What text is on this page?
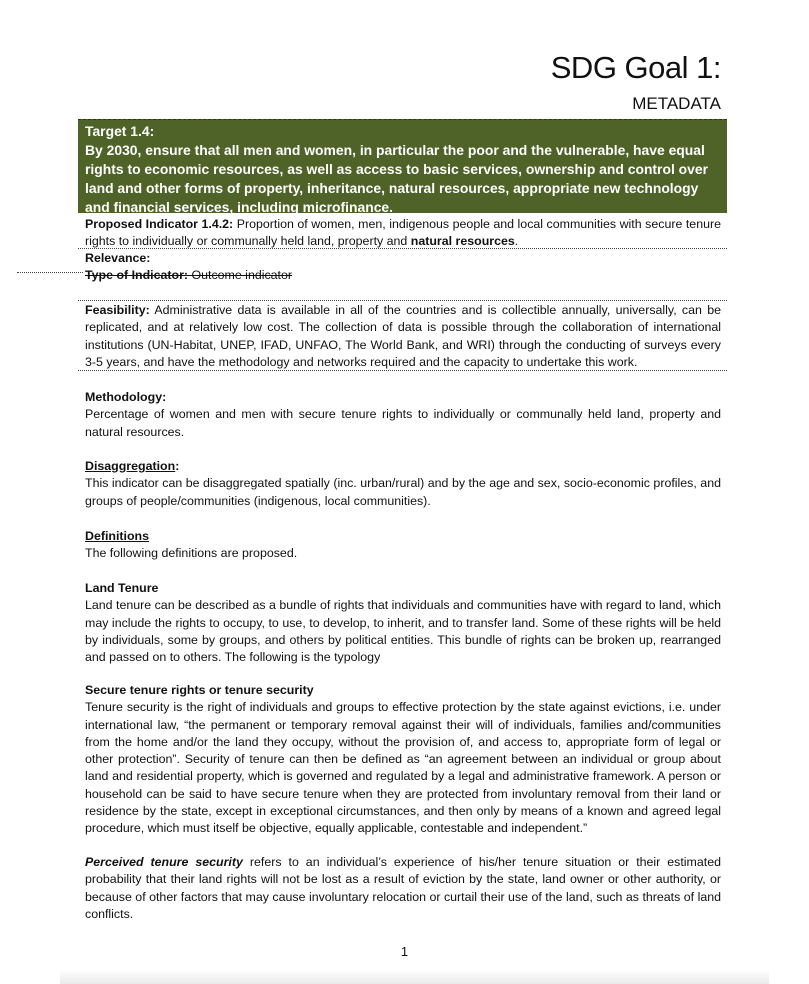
SDG Goal 1:
METADATA
Target 1.4:
By 2030, ensure that all men and women, in particular the poor and the vulnerable, have equal rights to economic resources, as well as access to basic services, ownership and control over land and other forms of property, inheritance, natural resources, appropriate new technology and financial services, including microfinance.
Proposed Indicator 1.4.2: Proportion of women, men, indigenous people and local communities with secure tenure rights to individually or communally held land, property and natural resources.
Relevance:
Type of Indicator: Outcome indicator
Feasibility: Administrative data is available in all of the countries and is collectible annually, universally, can be replicated, and at relatively low cost. The collection of data is possible through the collaboration of international institutions (UN-Habitat, UNEP, IFAD, UNFAO, The World Bank, and WRI) through the conducting of surveys every 3-5 years, and have the methodology and networks required and the capacity to undertake this work.
Methodology:
Percentage of women and men with secure tenure rights to individually or communally held land, property and natural resources.
Disaggregation:
This indicator can be disaggregated spatially (inc. urban/rural) and by the age and sex, socio-economic profiles, and groups of people/communities (indigenous, local communities).
Definitions
The following definitions are proposed.
Land Tenure
Land tenure can be described as a bundle of rights that individuals and communities have with regard to land, which may include the rights to occupy, to use, to develop, to inherit, and to transfer land. Some of these rights will be held by individuals, some by groups, and others by political entities. This bundle of rights can be broken up, rearranged and passed on to others. The following is the typology
Secure tenure rights or tenure security
Tenure security is the right of individuals and groups to effective protection by the state against evictions, i.e. under international law, “the permanent or temporary removal against their will of individuals, families and/communities from the home and/or the land they occupy, without the provision of, and access to, appropriate form of legal or other protection”. Security of tenure can then be defined as “an agreement between an individual or group about land and residential property, which is governed and regulated by a legal and administrative framework. A person or household can be said to have secure tenure when they are protected from involuntary removal from their land or residence by the state, except in exceptional circumstances, and then only by means of a known and agreed legal procedure, which must itself be objective, equally applicable, contestable and independent.”
Perceived tenure security refers to an individual’s experience of his/her tenure situation or their estimated probability that their land rights will not be lost as a result of eviction by the state, land owner or other authority, or because of other factors that may cause involuntary relocation or curtail their use of the land, such as threats of land conflicts.
1
